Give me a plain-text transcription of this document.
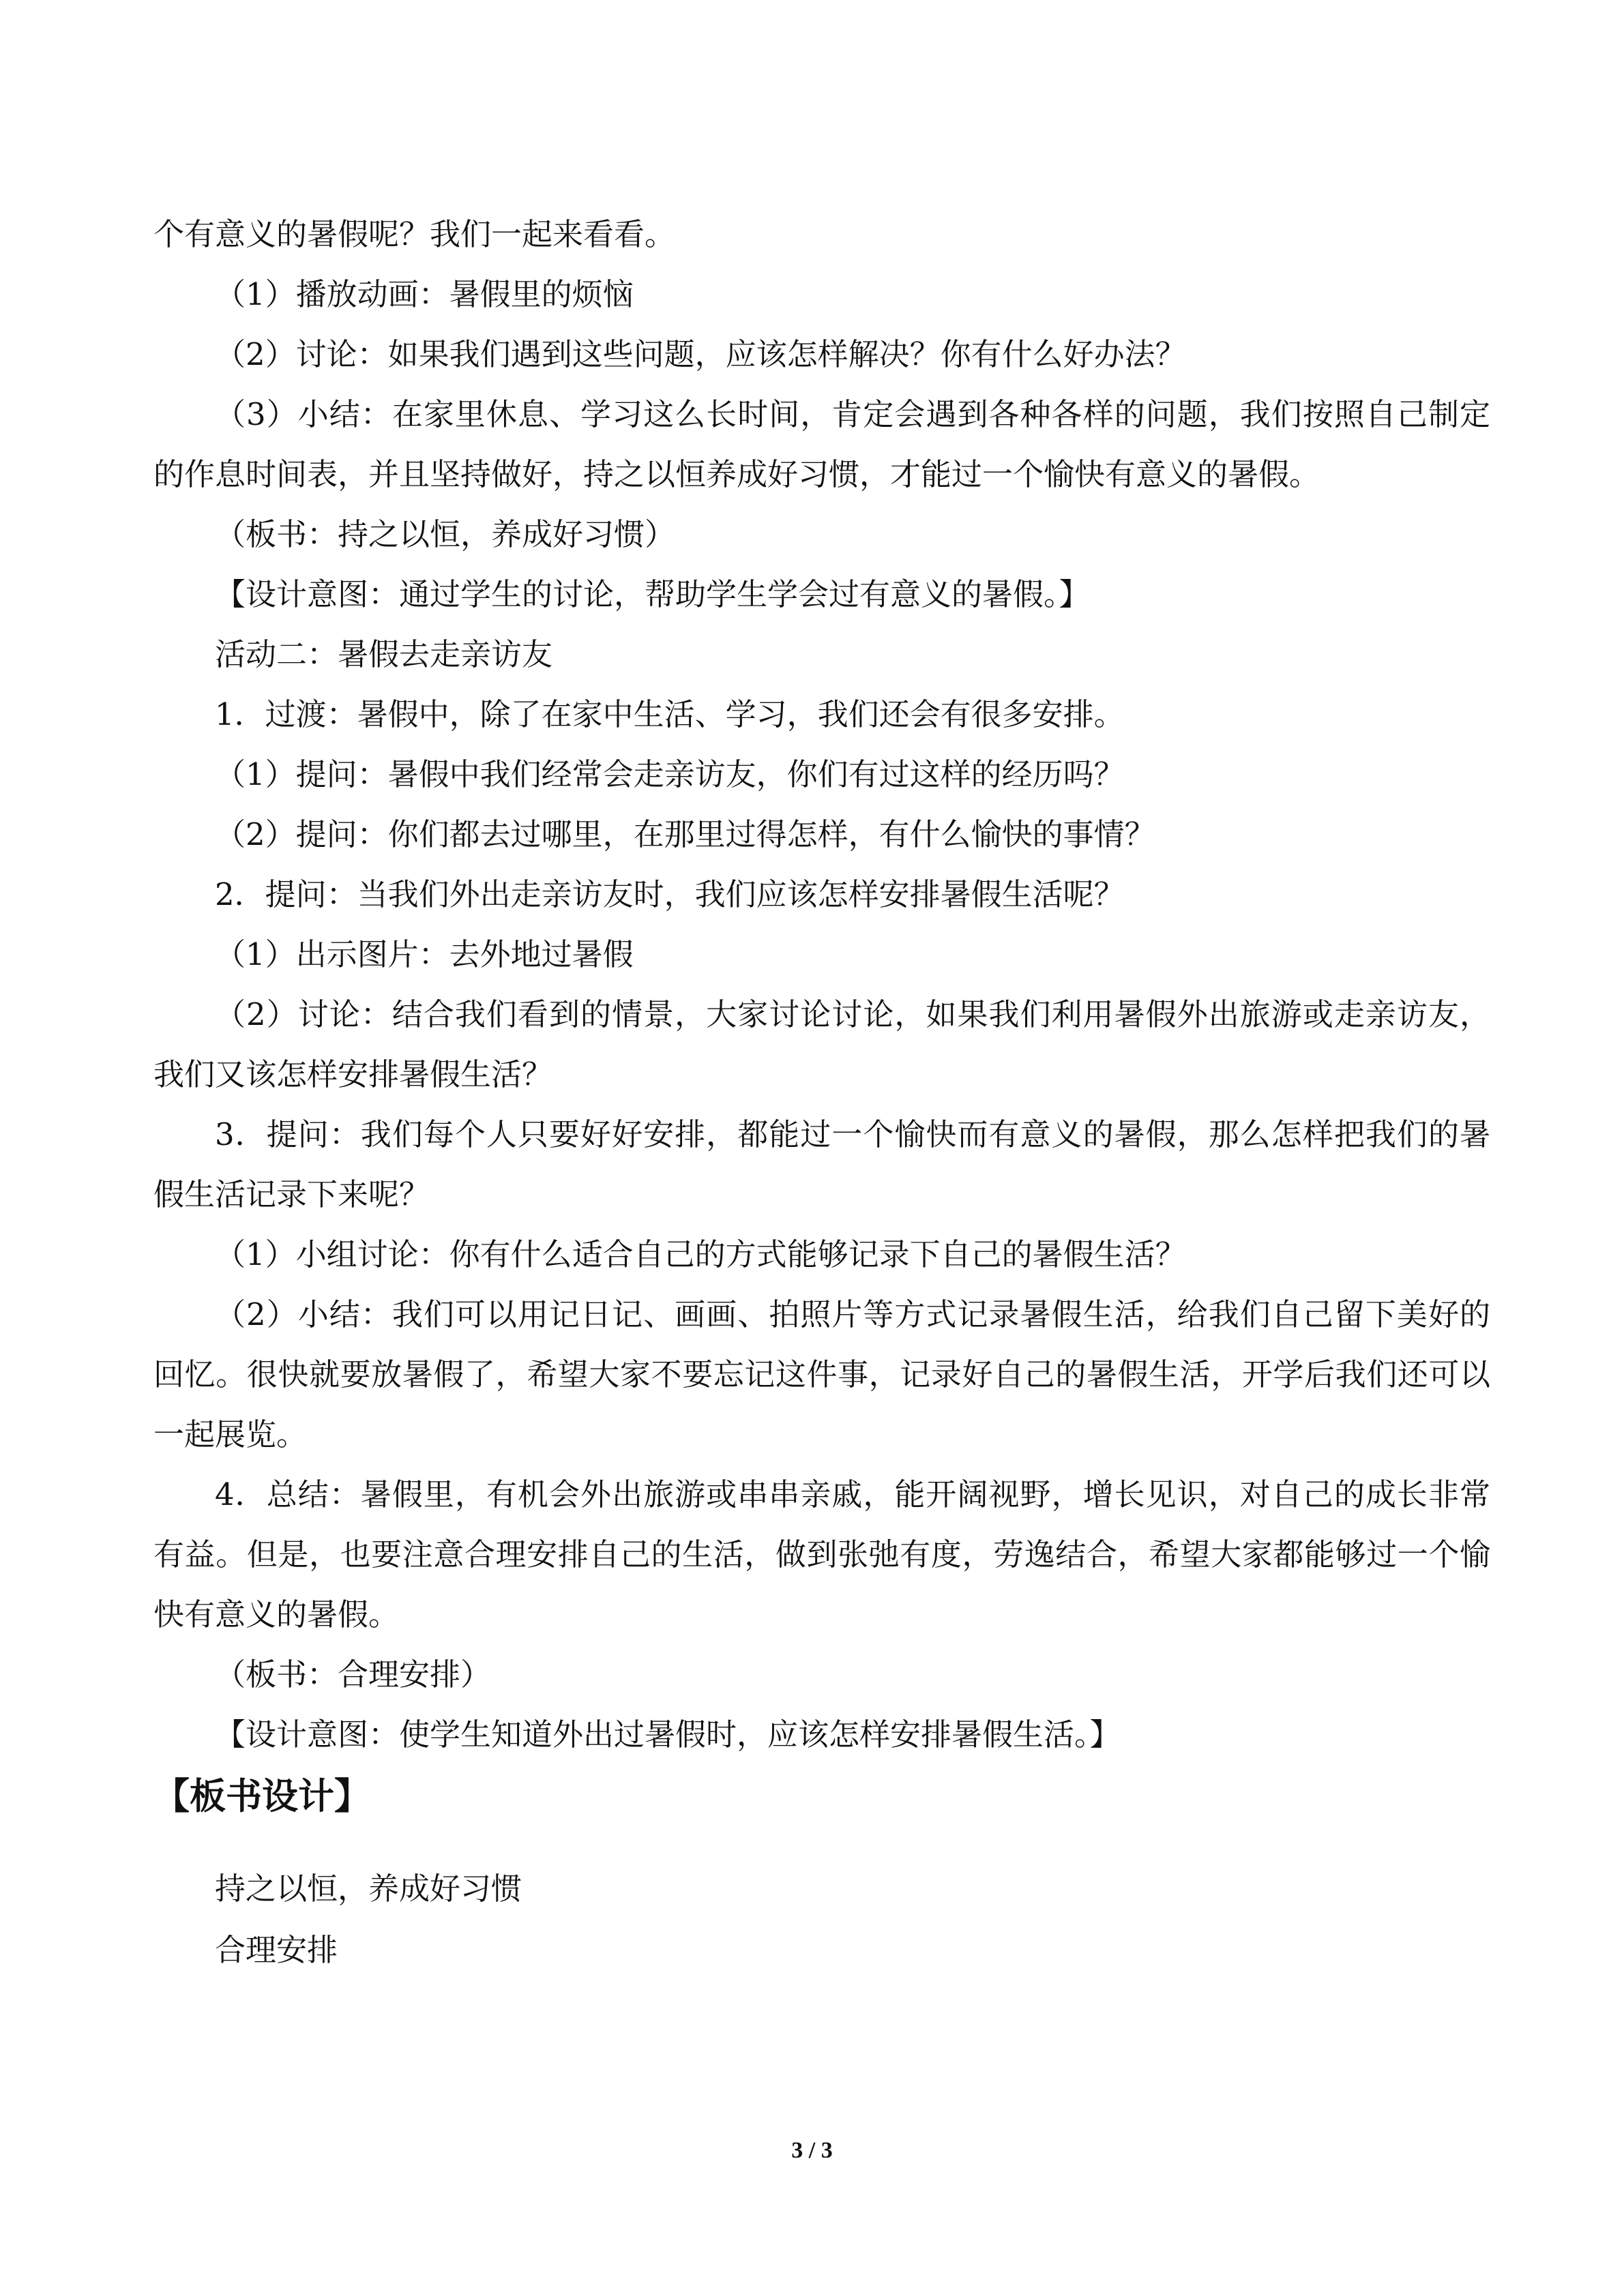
个有意义的暑假呢？我们一起来看看。

（1）播放动画：暑假里的烦恼

（2）讨论：如果我们遇到这些问题，应该怎样解决？你有什么好办法？

（3）小结：在家里休息、学习这么长时间，肯定会遇到各种各样的问题，我们按照自己制定的作息时间表，并且坚持做好，持之以恒养成好习惯，才能过一个愉快有意义的暑假。

（板书：持之以恒，养成好习惯）

【设计意图：通过学生的讨论，帮助学生学会过有意义的暑假。】

活动二：暑假去走亲访友

1．过渡：暑假中，除了在家中生活、学习，我们还会有很多安排。

（1）提问：暑假中我们经常会走亲访友，你们有过这样的经历吗？

（2）提问：你们都去过哪里，在那里过得怎样，有什么愉快的事情？

2．提问：当我们外出走亲访友时，我们应该怎样安排暑假生活呢？

（1）出示图片：去外地过暑假

（2）讨论：结合我们看到的情景，大家讨论讨论，如果我们利用暑假外出旅游或走亲访友，我们又该怎样安排暑假生活？

3．提问：我们每个人只要好好安排，都能过一个愉快而有意义的暑假，那么怎样把我们的暑假生活记录下来呢？

（1）小组讨论：你有什么适合自己的方式能够记录下自己的暑假生活？

（2）小结：我们可以用记日记、画画、拍照片等方式记录暑假生活，给我们自己留下美好的回忆。很快就要放暑假了，希望大家不要忘记这件事，记录好自己的暑假生活，开学后我们还可以一起展览。

4．总结：暑假里，有机会外出旅游或串串亲戚，能开阔视野，增长见识，对自己的成长非常有益。但是，也要注意合理安排自己的生活，做到张弛有度，劳逸结合，希望大家都能够过一个愉快有意义的暑假。

（板书：合理安排）

【设计意图：使学生知道外出过暑假时，应该怎样安排暑假生活。】

【板书设计】

持之以恒，养成好习惯

合理安排

3 / 3
